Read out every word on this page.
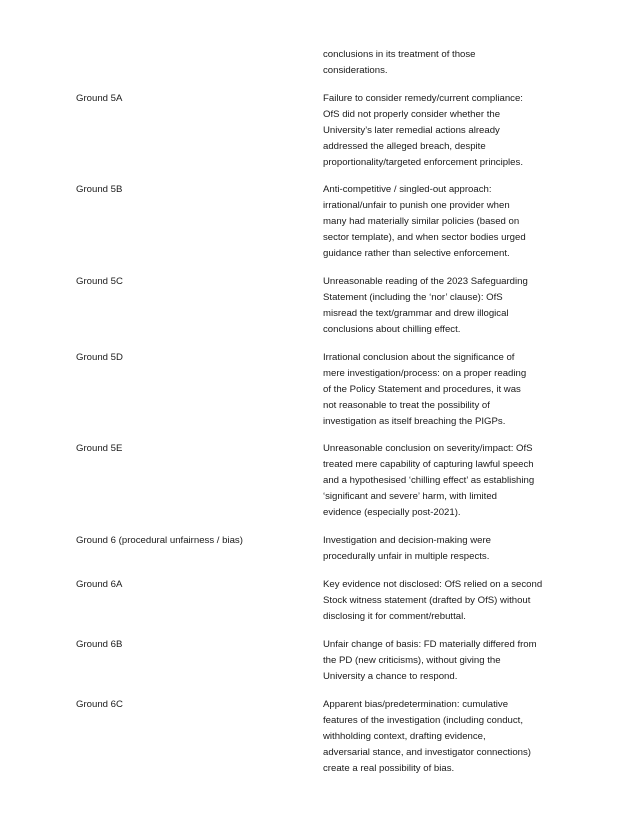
conclusions in its treatment of those
considerations.
Ground 5A	Failure to consider remedy/current compliance:
OfS did not properly consider whether the
University’s later remedial actions already
addressed the alleged breach, despite
proportionality/targeted enforcement principles.
Ground 5B	Anti-competitive / singled-out approach:
irrational/unfair to punish one provider when
many had materially similar policies (based on
sector template), and when sector bodies urged
guidance rather than selective enforcement.
Ground 5C	Unreasonable reading of the 2023 Safeguarding
Statement (including the ‘nor’ clause): OfS
misread the text/grammar and drew illogical
conclusions about chilling effect.
Ground 5D	Irrational conclusion about the significance of
mere investigation/process: on a proper reading
of the Policy Statement and procedures, it was
not reasonable to treat the possibility of
investigation as itself breaching the PIGPs.
Ground 5E	Unreasonable conclusion on severity/impact: OfS
treated mere capability of capturing lawful speech
and a hypothesised ‘chilling effect’ as establishing
‘significant and severe’ harm, with limited
evidence (especially post-2021).
Ground 6 (procedural unfairness / bias)	Investigation and decision-making were
procedurally unfair in multiple respects.
Ground 6A	Key evidence not disclosed: OfS relied on a second
Stock witness statement (drafted by OfS) without
disclosing it for comment/rebuttal.
Ground 6B	Unfair change of basis: FD materially differed from
the PD (new criticisms), without giving the
University a chance to respond.
Ground 6C	Apparent bias/predetermination: cumulative
features of the investigation (including conduct,
withholding context, drafting evidence,
adversarial stance, and investigator connections)
create a real possibility of bias.
